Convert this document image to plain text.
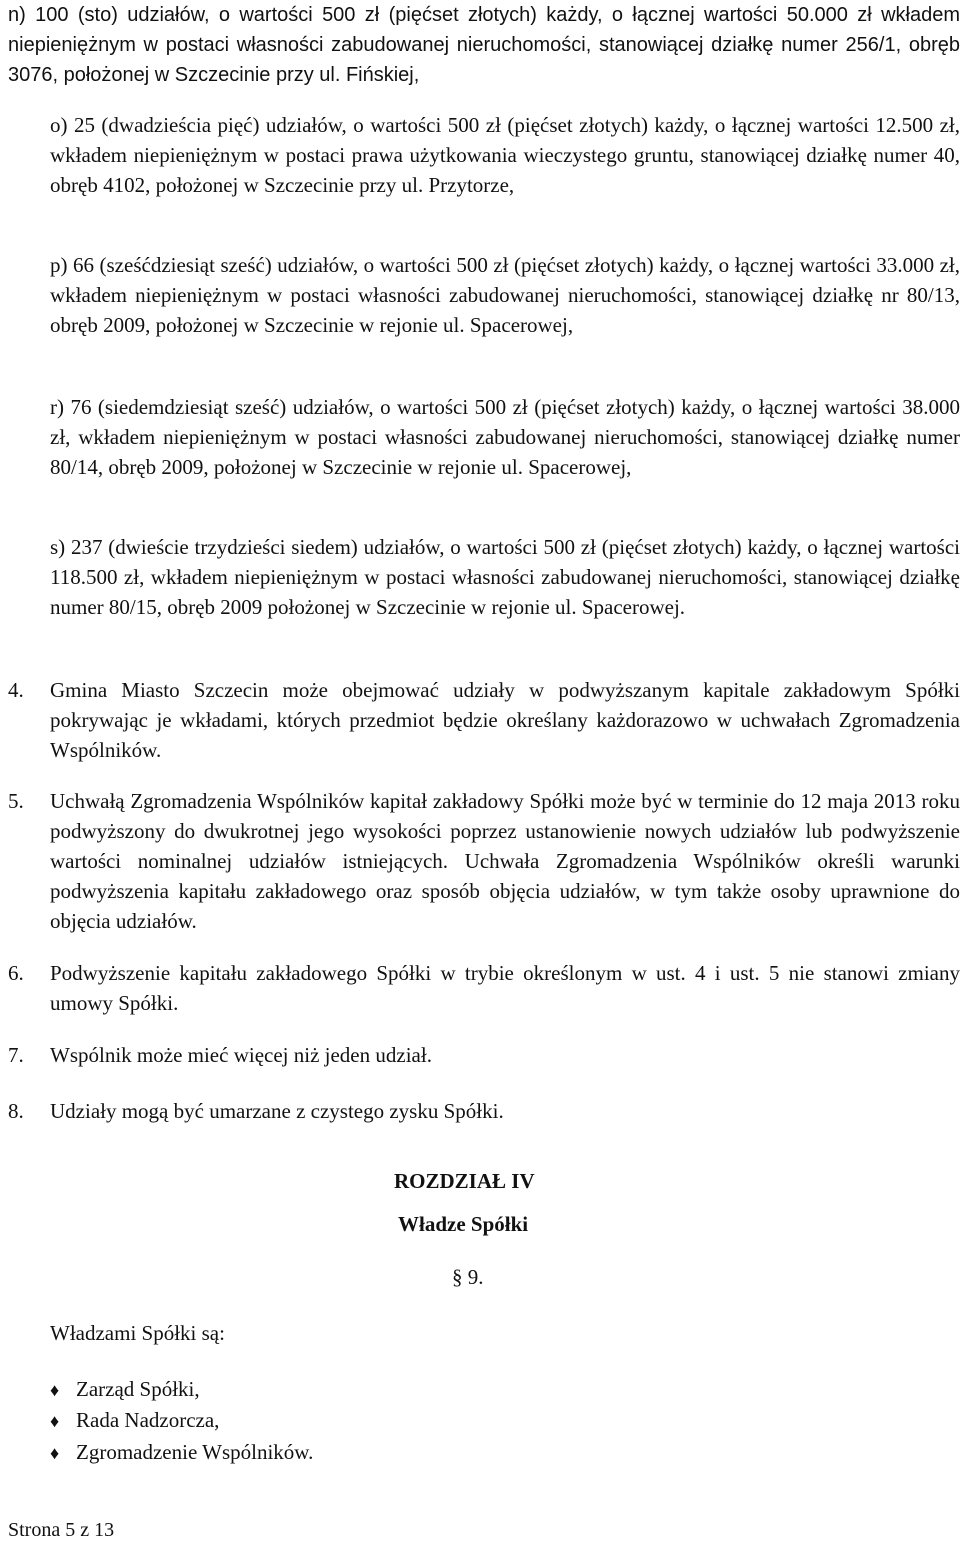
n) 100 (sto) udziałów, o wartości 500 zł (pięćset złotych) każdy, o łącznej wartości 50.000 zł wkładem niepieniężnym w postaci własności zabudowanej nieruchomości, stanowiącej działkę numer 256/1, obręb 3076, położonej w Szczecinie przy ul. Fińskiej,

o) 25 (dwadzieścia pięć) udziałów, o wartości 500 zł (pięćset złotych) każdy, o łącznej wartości 12.500 zł, wkładem niepieniężnym w postaci prawa użytkowania wieczystego gruntu, stanowiącej działkę numer 40, obręb 4102, położonej w Szczecinie przy ul. Przytorze,

p) 66 (sześćdziesiąt sześć) udziałów, o wartości 500 zł (pięćset złotych) każdy, o łącznej wartości 33.000 zł, wkładem niepieniężnym w postaci własności zabudowanej nieruchomości, stanowiącej działkę nr 80/13, obręb 2009, położonej w Szczecinie w rejonie ul. Spacerowej,

r) 76 (siedemdziesiąt sześć) udziałów, o wartości 500 zł (pięćset złotych) każdy, o łącznej wartości 38.000 zł, wkładem niepieniężnym w postaci własności zabudowanej nieruchomości, stanowiącej działkę numer 80/14, obręb 2009, położonej w Szczecinie w rejonie ul. Spacerowej,

s) 237 (dwieście trzydzieści siedem) udziałów, o wartości 500 zł (pięćset złotych) każdy, o łącznej wartości 118.500 zł, wkładem niepieniężnym w postaci własności zabudowanej nieruchomości, stanowiącej działkę numer 80/15, obręb 2009 położonej w Szczecinie w rejonie ul. Spacerowej.

4.	Gmina Miasto Szczecin może obejmować udziały w podwyższanym kapitale zakładowym Spółki pokrywając je wkładami, których przedmiot będzie określany każdorazowo w uchwałach Zgromadzenia Wspólników.

5.	Uchwałą Zgromadzenia Wspólników kapitał zakładowy Spółki może być w terminie do 12 maja 2013 roku podwyższony do dwukrotnej jego wysokości poprzez ustanowienie nowych udziałów lub podwyższenie wartości nominalnej udziałów istniejących. Uchwała Zgromadzenia Wspólników określi warunki podwyższenia kapitału zakładowego oraz sposób objęcia udziałów, w tym także osoby uprawnione do objęcia udziałów.

6.	Podwyższenie kapitału zakładowego Spółki w trybie określonym w ust. 4 i ust. 5 nie stanowi zmiany umowy Spółki.

7.	Wspólnik może mieć więcej niż jeden udział.

8.	Udziały mogą być umarzane z czystego zysku Spółki.

ROZDZIAŁ IV

Władze Spółki

§ 9.

Władzami Spółki są:

♦ Zarząd Spółki,

♦ Rada Nadzorcza,

♦ Zgromadzenie Wspólników.

Strona 5 z 13
